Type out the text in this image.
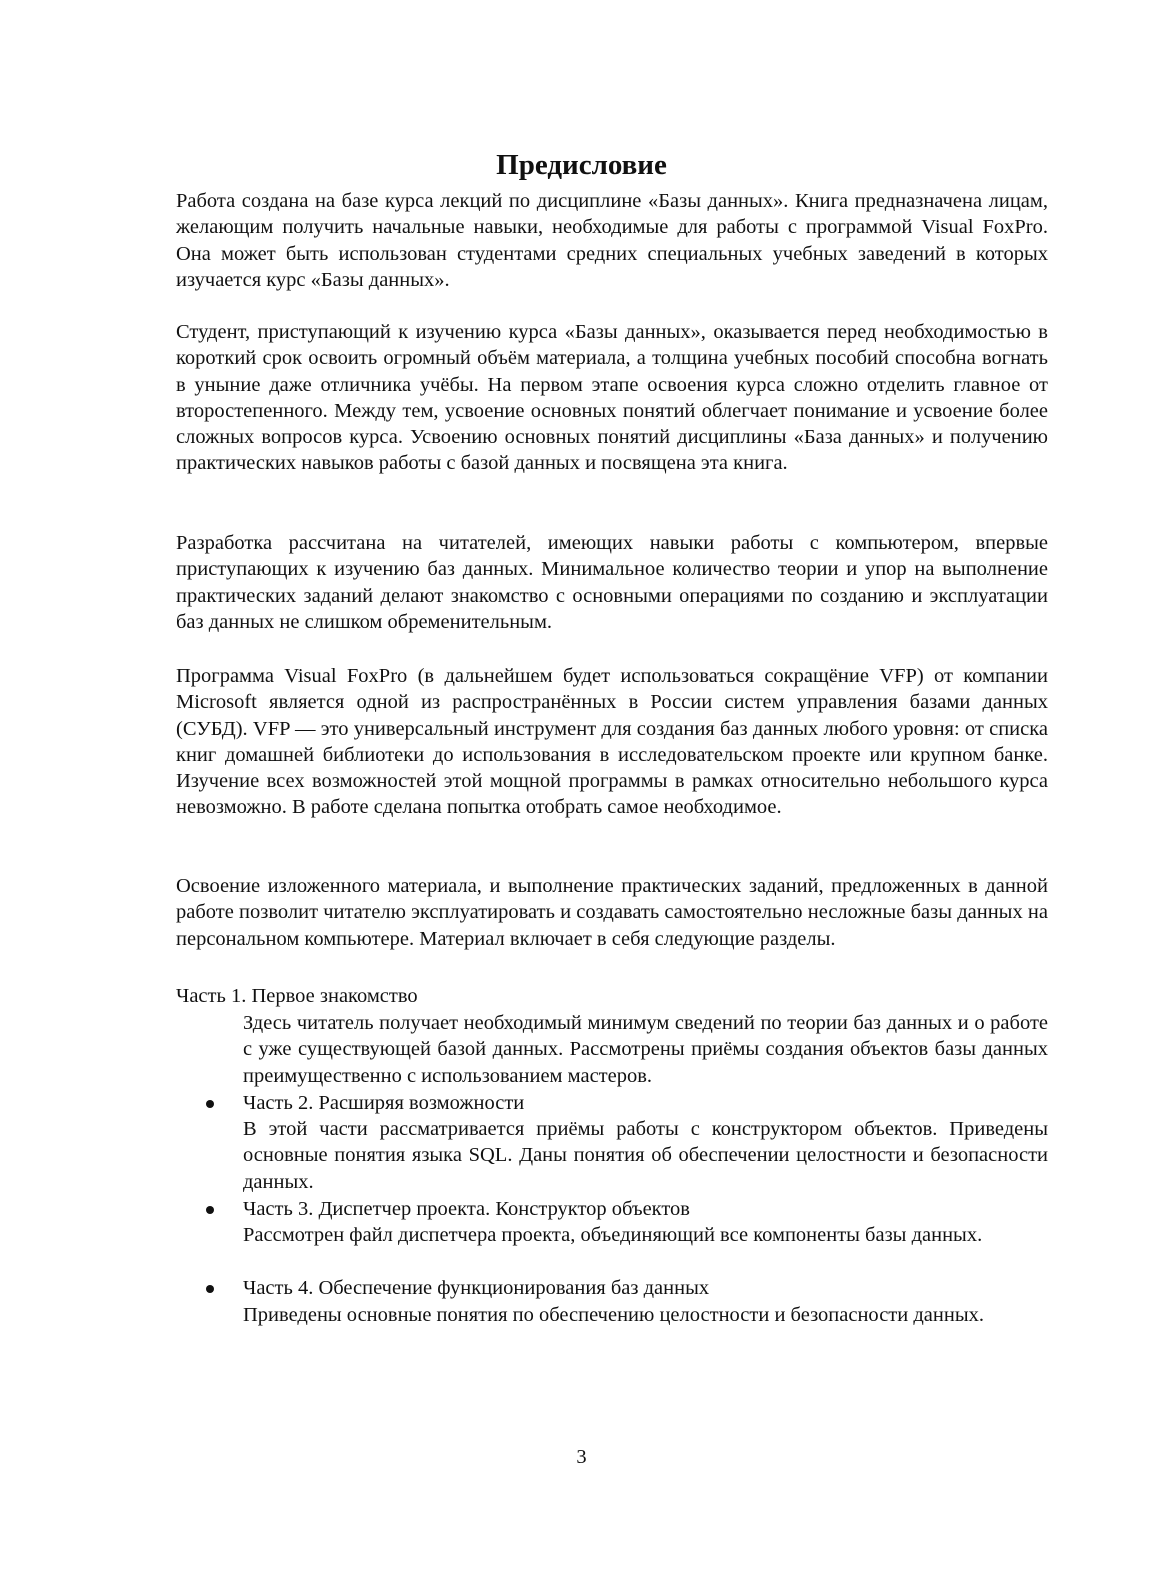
Предисловие

Работа создана на базе курса лекций по дисциплине «Базы данных». Книга предназначена лицам, желающим получить начальные навыки, необходимые для работы с программой Visual FoxPro. Она может быть использован студентами средних специальных учебных заведений в которых изучается курс «Базы данных».

Студент, приступающий к изучению курса «Базы данных», оказывается перед необходимостью в короткий срок освоить огромный объём материала, а толщина учебных пособий способна вогнать в уныние даже отличника учёбы. На первом этапе освоения курса сложно отделить главное от второстепенного. Между тем, усвоение основных понятий облегчает понимание и усвоение более сложных вопросов курса. Усвоению основных понятий дисциплины «База данных» и получению практических навыков работы с базой данных и посвящена эта книга.

Разработка рассчитана на читателей, имеющих навыки работы с компьютером, впервые приступающих к изучению баз данных. Минимальное количество теории и упор на выполнение практических заданий делают знакомство с основными операциями по созданию и эксплуатации баз данных не слишком обременительным.

Программа Visual FoxPro (в дальнейшем будет использоваться сокращёние VFP) от компании Microsoft является одной из распространённых в России систем управления базами данных (СУБД). VFP — это универсальный инструмент для создания баз данных любого уровня: от списка книг домашней библиотеки до использования в исследовательском проекте или крупном банке. Изучение всех возможностей этой мощной программы в рамках относительно небольшого курса невозможно. В работе сделана попытка отобрать самое необходимое.

Освоение изложенного материала, и выполнение практических заданий, предложенных в данной работе позволит читателю эксплуатировать и создавать самостоятельно несложные базы данных на персональном компьютере. Материал включает в себя следующие разделы.

Часть 1. Первое знакомство

Здесь читатель получает необходимый минимум сведений по теории баз данных и о работе с уже существующей базой данных. Рассмотрены приёмы создания объектов базы данных преимущественно с использованием мастеров.

Часть 2. Расширяя возможности

В этой части рассматривается приёмы работы с конструктором объектов. Приведены основные понятия языка SQL. Даны понятия об обеспечении целостности и безопасности данных.

Часть 3. Диспетчер проекта. Конструктор объектов

Рассмотрен файл диспетчера проекта, объединяющий все компоненты базы данных.

Часть 4. Обеспечение функционирования баз данных

Приведены основные понятия по обеспечению целостности и безопасности данных.

3
